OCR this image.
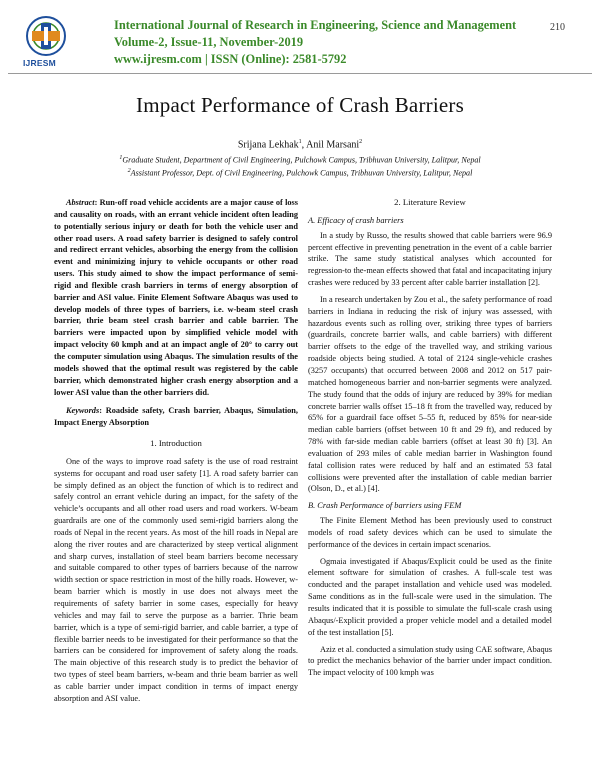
IJRESM
International Journal of Research in Engineering, Science and Management
Volume-2, Issue-11, November-2019
www.ijresm.com | ISSN (Online): 2581-5792
210
Impact Performance of Crash Barriers
Srijana Lekhak$^1$, Anil Marsani$^2$
$^1$Graduate Student, Department of Civil Engineering, Pulchowk Campus, Tribhuvan University, Lalitpur, Nepal
$^2$Assistant Professor, Dept. of Civil Engineering, Pulchowk Campus, Tribhuvan University, Lalitpur, Nepal

Abstract: Run-off road vehicle accidents are a major cause of loss and causality on roads, with an errant vehicle incident often leading to potentially serious injury or death for both the vehicle user and other road users. A road safety barrier is designed to safely control and redirect errant vehicles, absorbing the energy from the collision event and minimizing injury to vehicle occupants or other road users. This study aimed to show the impact performance of semi-rigid and flexible crash barriers in terms of energy absorption of barrier and ASI value. Finite Element Software Abaqus was used to develop models of three types of barriers, i.e. w-beam steel crash barrier, thrie beam steel crash barrier and cable barrier. The barriers were impacted upon by simplified vehicle model with impact velocity 60 kmph and at an impact angle of 20° to carry out the computer simulation using Abaqus. The simulation results of the models showed that the optimal result was registered by the cable barrier, which demonstrated higher crash energy absorption and a lower ASI value than the other barriers did.

Keywords: Roadside safety, Crash barrier, Abaqus, Simulation, Impact Energy Absorption

1. Introduction

One of the ways to improve road safety is the use of road restraint systems for occupant and road user safety [1]. A road safety barrier can be simply defined as an object the function of which is to redirect and safely control an errant vehicle during an impact, for the safety of the vehicle’s occupants and all other road users and road workers. W-beam guardrails are one of the commonly used semi-rigid barriers along the roads of Nepal in the recent years. As most of the hill roads in Nepal are along the river routes and are characterized by steep vertical alignment and sharp curves, installation of steel beam barriers become necessary and suitable compared to other types of barriers because of the narrow width section or space restriction in most of the hilly roads. However, w-beam barrier which is mostly in use does not always meet the requirements of safety barrier in some cases, especially for heavy vehicles and may fail to serve the purpose as a barrier. Thrie beam barrier, which is a type of semi-rigid barrier, and cable barrier, a type of flexible barrier needs to be investigated for their performance so that the barriers can be considered for improvement of safety along the roads. The main objective of this research study is to predict the behavior of two types of steel beam barriers, w-beam and thrie beam barrier as well as cable barrier under impact condition in terms of impact energy absorption and ASI value.

2. Literature Review
A. Efficacy of crash barriers

In a study by Russo, the results showed that cable barriers were 96.9 percent effective in preventing penetration in the event of a cable barrier strike. The same study statistical analyses which accounted for regression-to the-mean effects showed that fatal and incapacitating injury crashes were reduced by 33 percent after cable barrier installation [2].

In a research undertaken by Zou et al., the safety performance of road barriers in Indiana in reducing the risk of injury was assessed, with hazardous events such as rolling over, striking three types of barriers (guardrails, concrete barrier walls, and cable barriers) with different barrier offsets to the edge of the travelled way, and striking various roadside objects being studied. A total of 2124 single-vehicle crashes (3257 occupants) that occurred between 2008 and 2012 on 517 pair-matched homogeneous barrier and non-barrier segments were analyzed. The study found that the odds of injury are reduced by 39% for median concrete barrier walls offset 15–18 ft from the travelled way, reduced by 65% for a guardrail face offset 5–55 ft, reduced by 85% for near-side median cable barriers (offset between 10 ft and 29 ft), and reduced by 78% with far-side median cable barriers (offset at least 30 ft) [3]. An evaluation of 293 miles of cable median barrier in Washington found fatal collision rates were reduced by half and an estimated 53 fatal collisions were prevented after the installation of cable median barrier (Olson, D., et al.) [4].

B. Crash Performance of barriers using FEM

The Finite Element Method has been previously used to construct models of road safety devices which can be used to simulate the performance of the devices in certain impact scenarios.

Ogmaia investigated if Abaqus/Explicit could be used as the finite element software for simulation of crashes. A full-scale test was conducted and the parapet installation and vehicle used was modeled. Same conditions as in the full-scale were used in the simulation. The results indicated that it is possible to simulate the full-scale crash using Abaqus/-Explicit provided a proper vehicle model and a detailed model of the test installation [5].

Aziz et al. conducted a simulation study using CAE software, Abaqus to predict the mechanics behavior of the barrier under impact condition. The impact velocity of 100 kmph was
